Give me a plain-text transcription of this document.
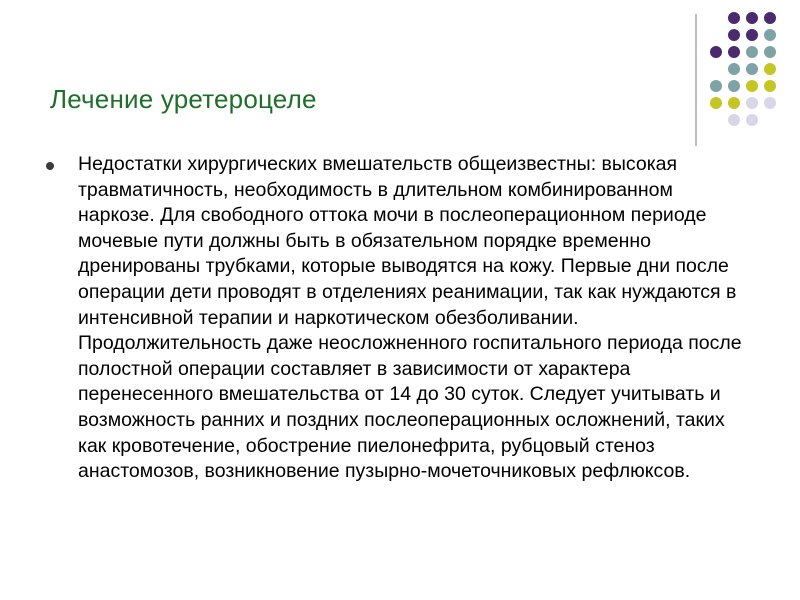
Лечение уретероцеле
Недостатки хирургических вмешательств общеизвестны: высокая травматичность, необходимость в длительном комбинированном наркозе. Для свободного оттока мочи в послеоперационном периоде мочевые пути должны быть в обязательном порядке временно дренированы трубками, которые выводятся на кожу. Первые дни после операции дети проводят в отделениях реанимации, так как нуждаются в интенсивной терапии и наркотическом обезболивании. Продолжительность даже неосложненного госпитального периода после полостной операции составляет в зависимости от характера перенесенного вмешательства от 14 до 30 суток. Следует учитывать и возможность ранних и поздних послеоперационных осложнений, таких как кровотечение, обострение пиелонефрита, рубцовый стеноз анастомозов, возникновение пузырно-мочеточниковых рефлюксов.
